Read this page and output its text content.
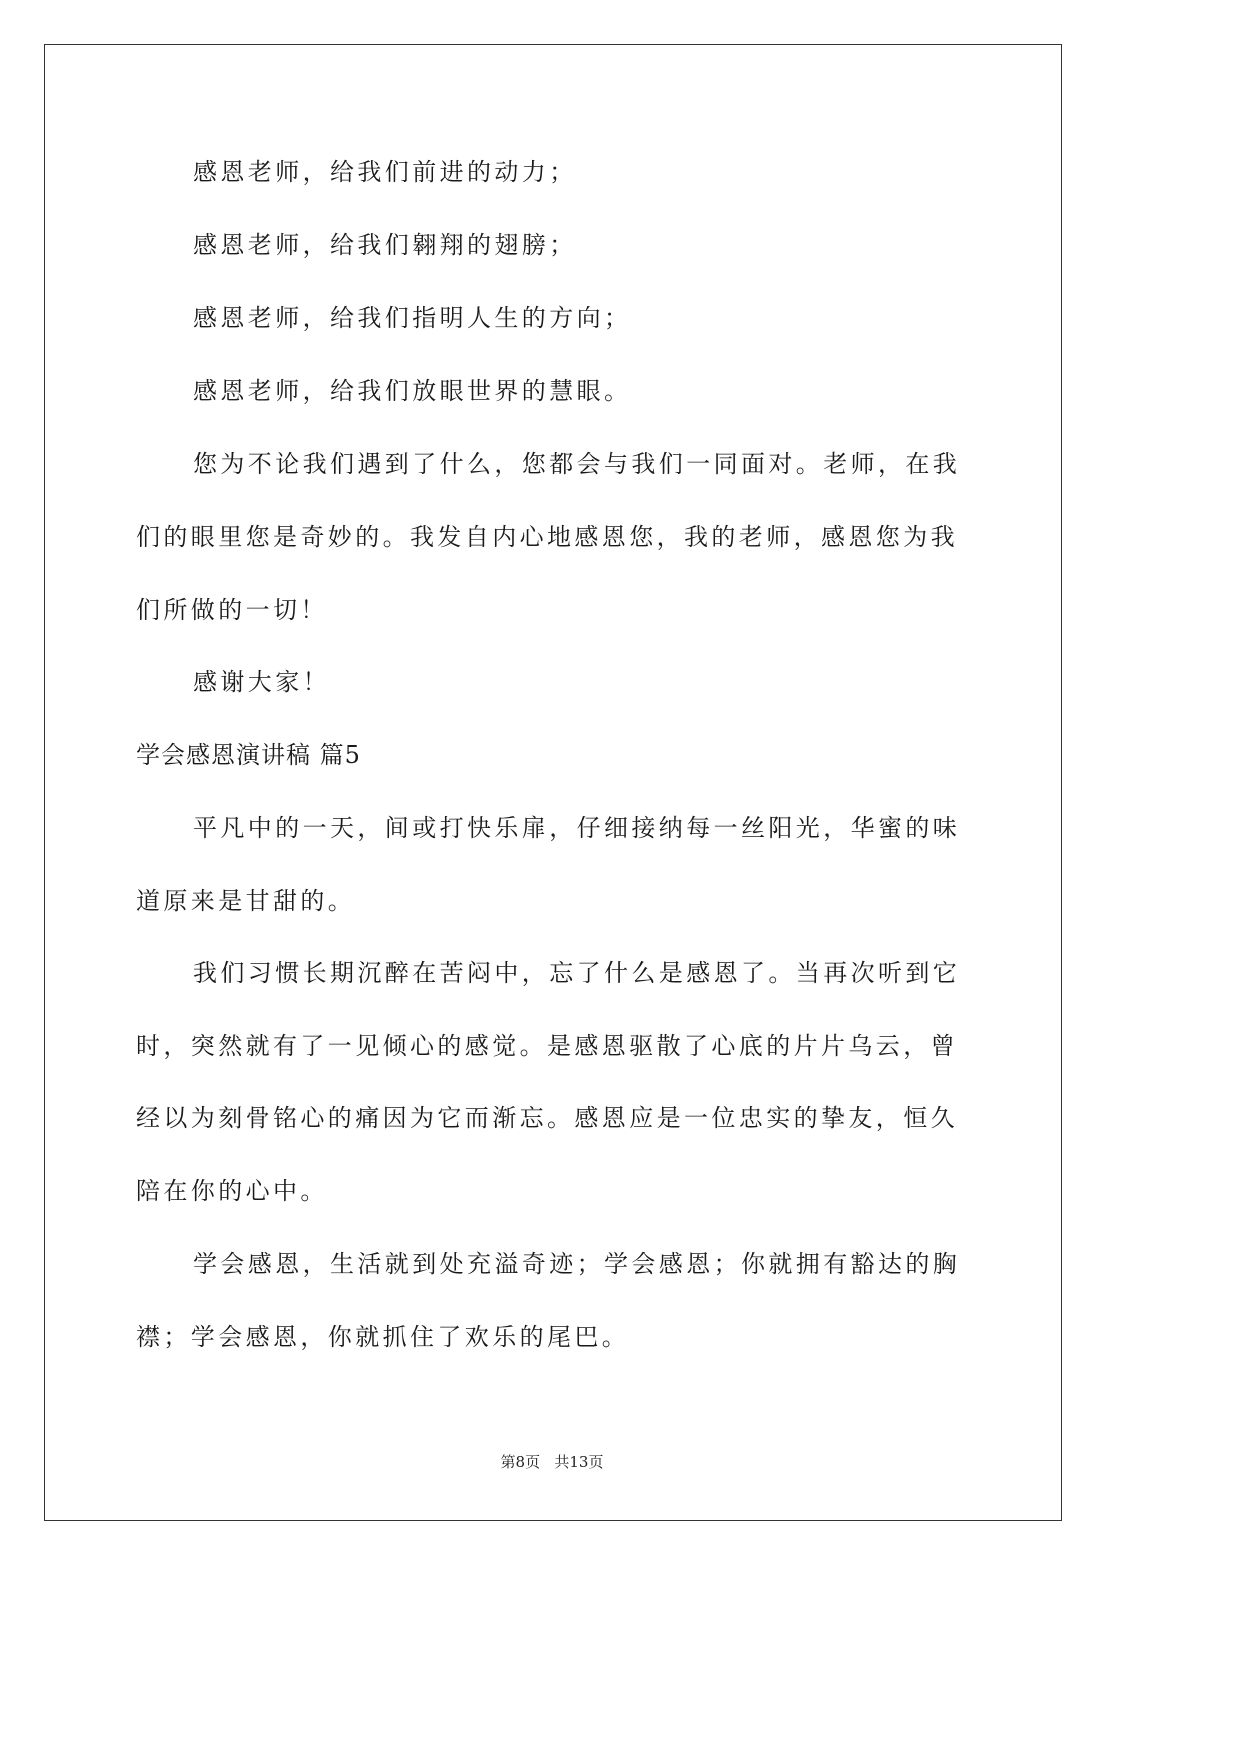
感恩老师，给我们前进的动力；
感恩老师，给我们翱翔的翅膀；
感恩老师，给我们指明人生的方向；
感恩老师，给我们放眼世界的慧眼。
您为不论我们遇到了什么，您都会与我们一同面对。老师，在我
们的眼里您是奇妙的。我发自内心地感恩您，我的老师，感恩您为我
们所做的一切！
感谢大家！
学会感恩演讲稿 篇5
平凡中的一天，间或打快乐扉，仔细接纳每一丝阳光，华蜜的味
道原来是甘甜的。
我们习惯长期沉醉在苦闷中，忘了什么是感恩了。当再次听到它
时，突然就有了一见倾心的感觉。是感恩驱散了心底的片片乌云，曾
经以为刻骨铭心的痛因为它而渐忘。感恩应是一位忠实的挚友，恒久
陪在你的心中。
学会感恩，生活就到处充溢奇迹；学会感恩；你就拥有豁达的胸
襟；学会感恩，你就抓住了欢乐的尾巴。
第8页   共13页
